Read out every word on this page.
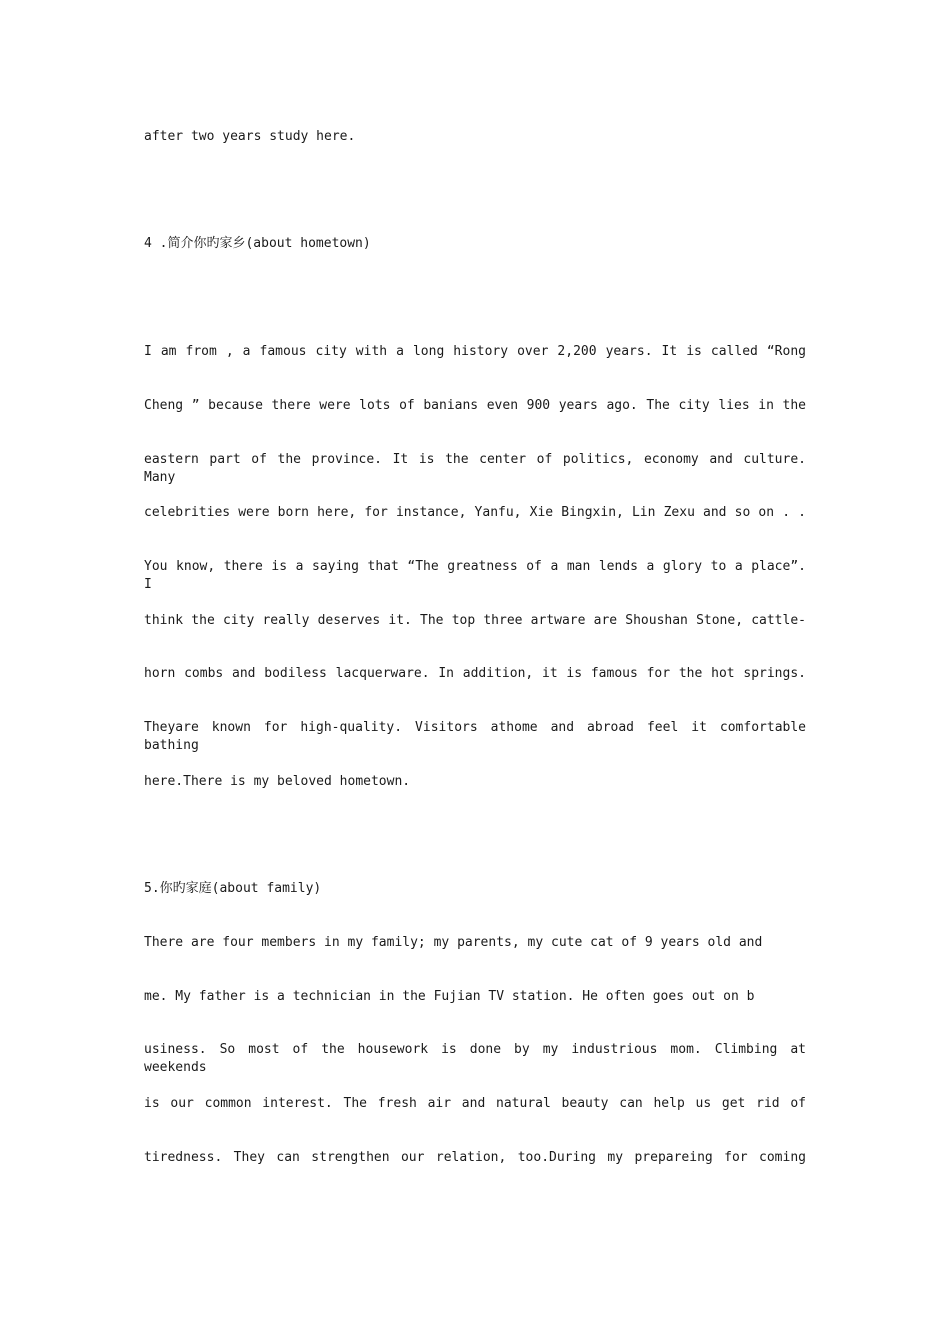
after two years study here.
4 .简介你旳家乡(about hometown)
I am from , a famous city with a long history over 2,200 years. It is called “Rong
Cheng ” because there were lots of banians even 900 years ago. The city lies in the
eastern part of the province. It is the center of politics, economy and culture. Many
celebrities were born here, for instance, Yanfu, Xie Bingxin, Lin Zexu and so on . .
You know, there is a saying that “The greatness of a man lends a glory to a place”. I
think the city really deserves it. The top three artware are Shoushan Stone, cattle-
horn combs and bodiless lacquerware. In addition, it is famous for the hot springs.
Theyare known for high-quality. Visitors athome and abroad feel it comfortable bathing
here.There is my beloved hometown.
5.你旳家庭(about family)
There are four members in my family; my parents, my cute cat of 9 years old and
me. My father is a technician in the Fujian TV station. He often goes out on b
usiness. So most of the housework is done by my industrious mom. Climbing at weekends
is our common interest. The fresh air and natural beauty can help us get rid of
tiredness. They can strengthen our relation, too.During my prepareing for coming
